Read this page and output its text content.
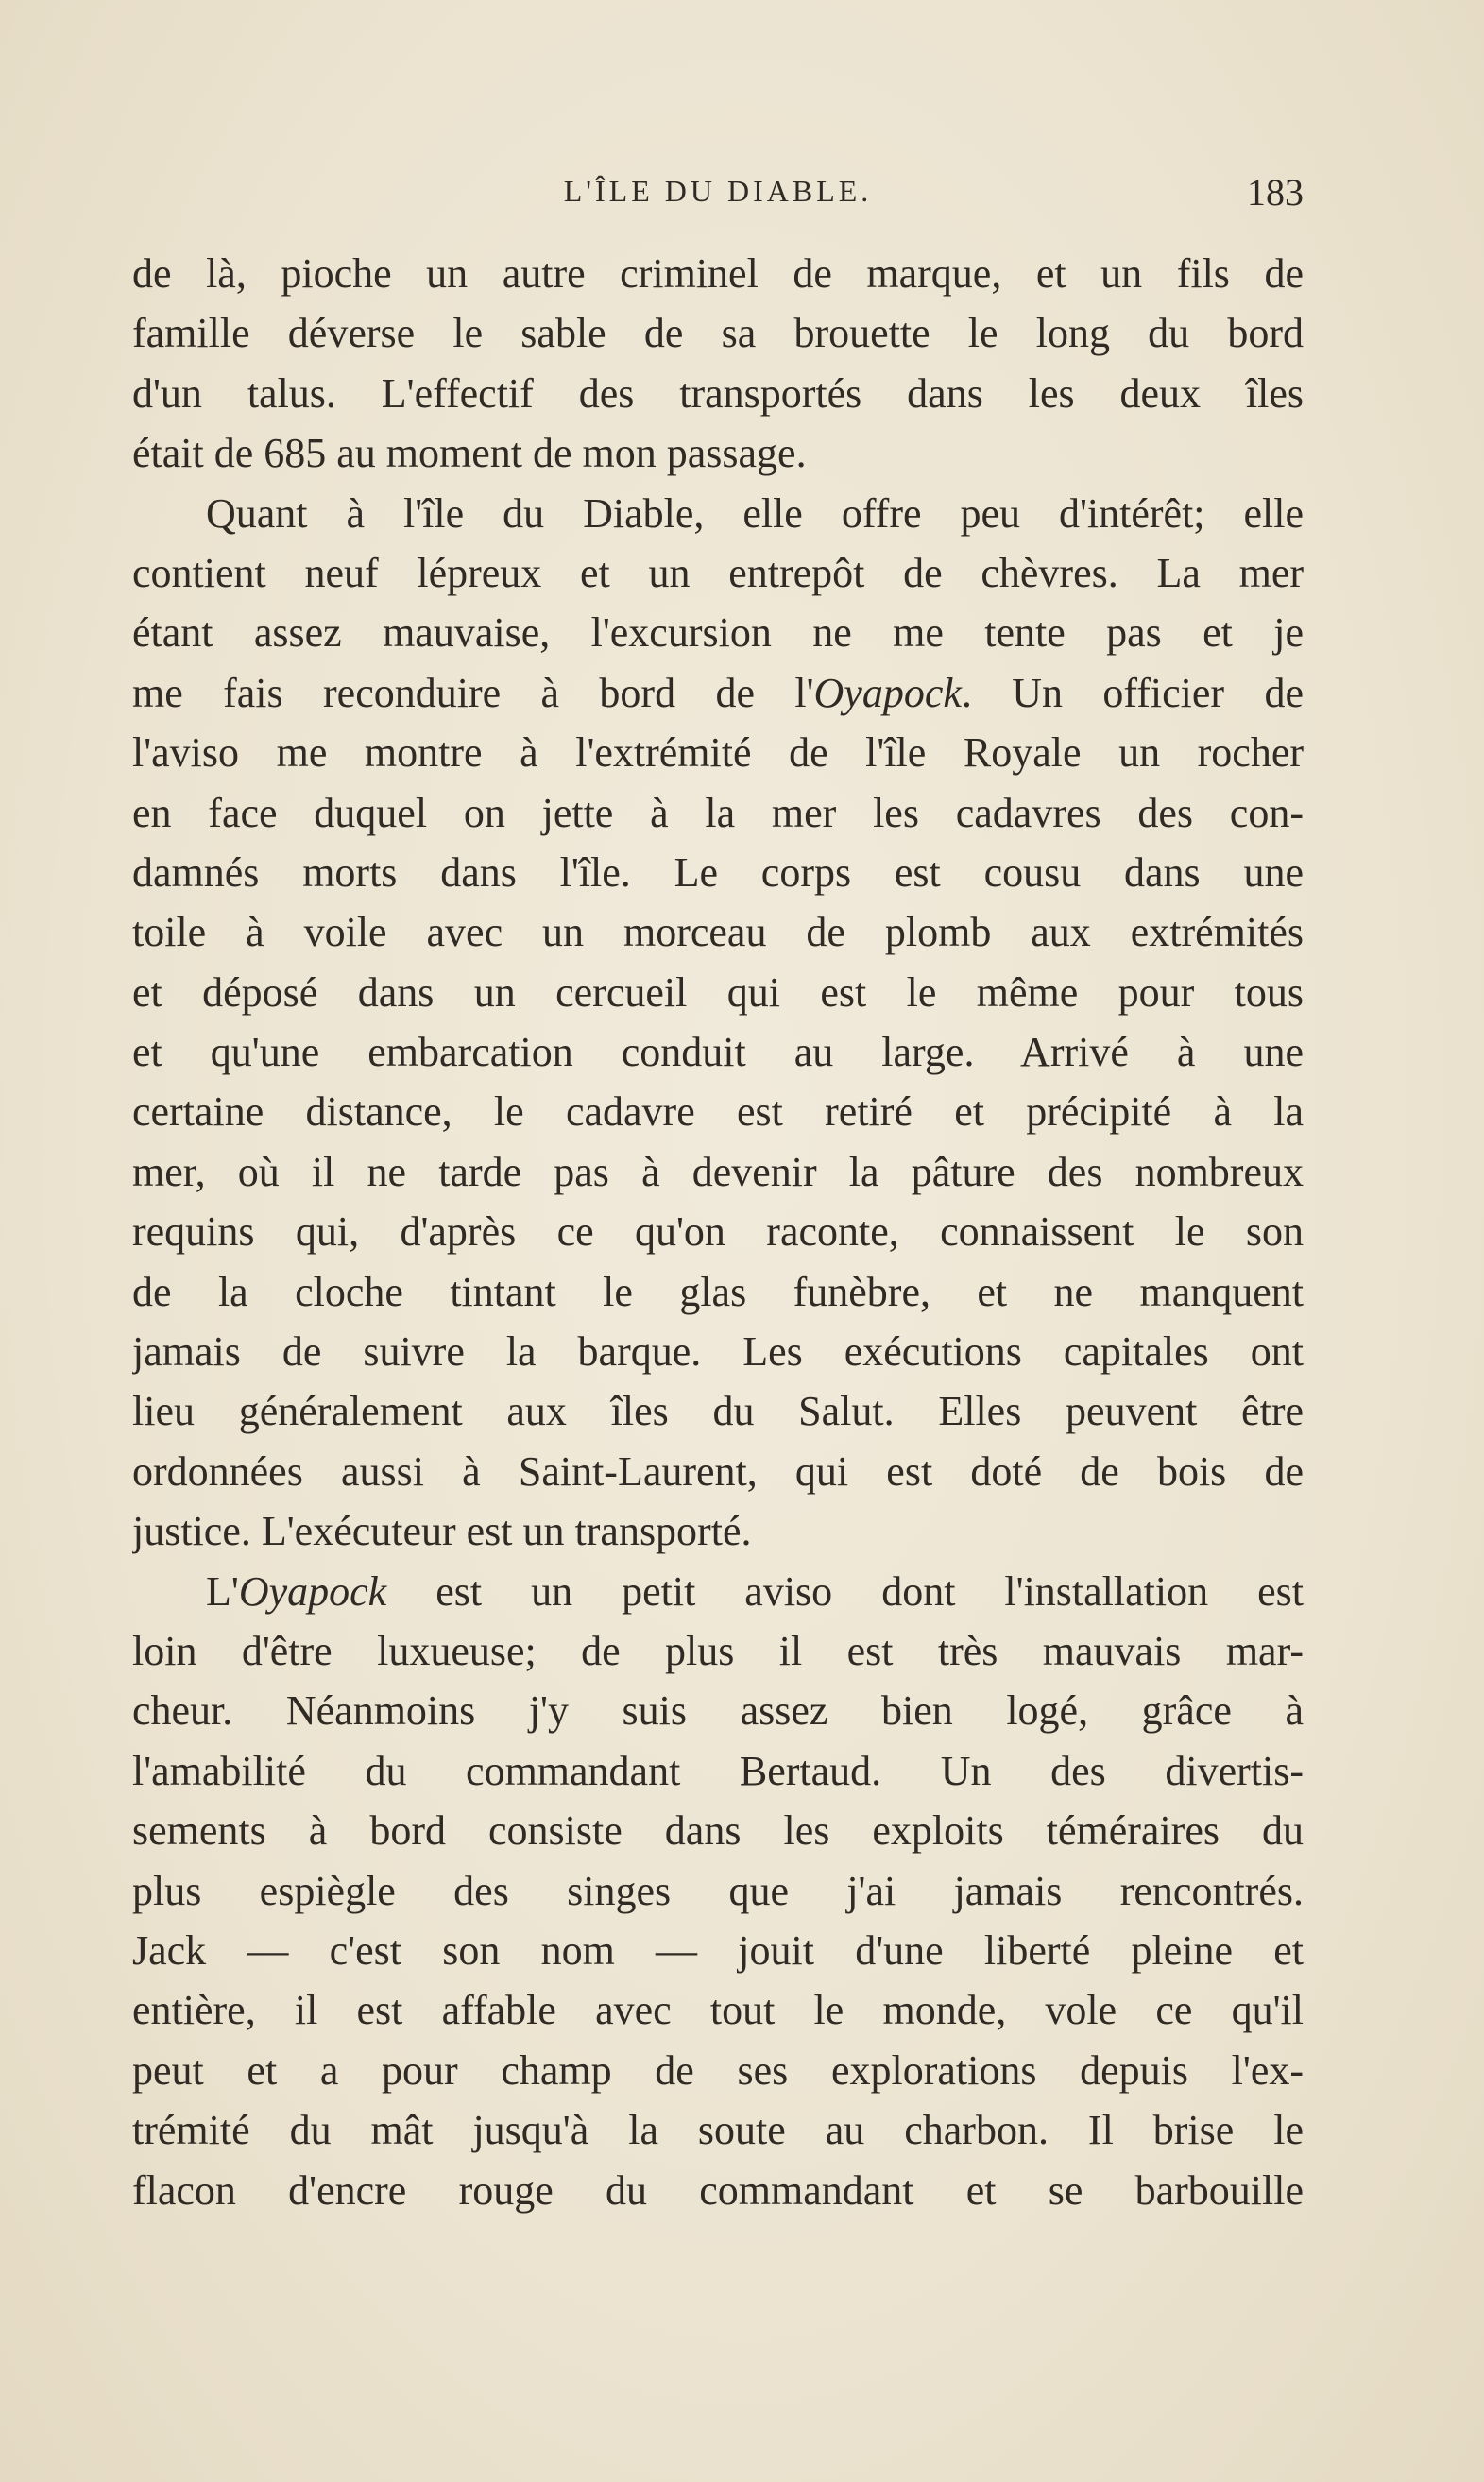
L'ÎLE DU DIABLE.	183
de là, pioche un autre criminel de marque, et un fils de
famille déverse le sable de sa brouette le long du bord
d'un talus. L'effectif des transportés dans les deux îles
était de 685 au moment de mon passage.
Quant à l'île du Diable, elle offre peu d'intérêt; elle
contient neuf lépreux et un entrepôt de chèvres. La mer
étant assez mauvaise, l'excursion ne me tente pas et je
me fais reconduire à bord de l'Oyapock. Un officier de
l'aviso me montre à l'extrémité de l'île Royale un rocher
en face duquel on jette à la mer les cadavres des con-
damnés morts dans l'île. Le corps est cousu dans une
toile à voile avec un morceau de plomb aux extrémités
et déposé dans un cercueil qui est le même pour tous
et qu'une embarcation conduit au large. Arrivé à une
certaine distance, le cadavre est retiré et précipité à la
mer, où il ne tarde pas à devenir la pâture des nombreux
requins qui, d'après ce qu'on raconte, connaissent le son
de la cloche tintant le glas funèbre, et ne manquent
jamais de suivre la barque. Les exécutions capitales ont
lieu généralement aux îles du Salut. Elles peuvent être
ordonnées aussi à Saint-Laurent, qui est doté de bois de
justice. L'exécuteur est un transporté.
L'Oyapock est un petit aviso dont l'installation est
loin d'être luxueuse; de plus il est très mauvais mar-
cheur. Néanmoins j'y suis assez bien logé, grâce à
l'amabilité du commandant Bertaud. Un des divertis-
sements à bord consiste dans les exploits téméraires du
plus espiègle des singes que j'ai jamais rencontrés.
Jack — c'est son nom — jouit d'une liberté pleine et
entière, il est affable avec tout le monde, vole ce qu'il
peut et a pour champ de ses explorations depuis l'ex-
trémité du mât jusqu'à la soute au charbon. Il brise le
flacon d'encre rouge du commandant et se barbouille
